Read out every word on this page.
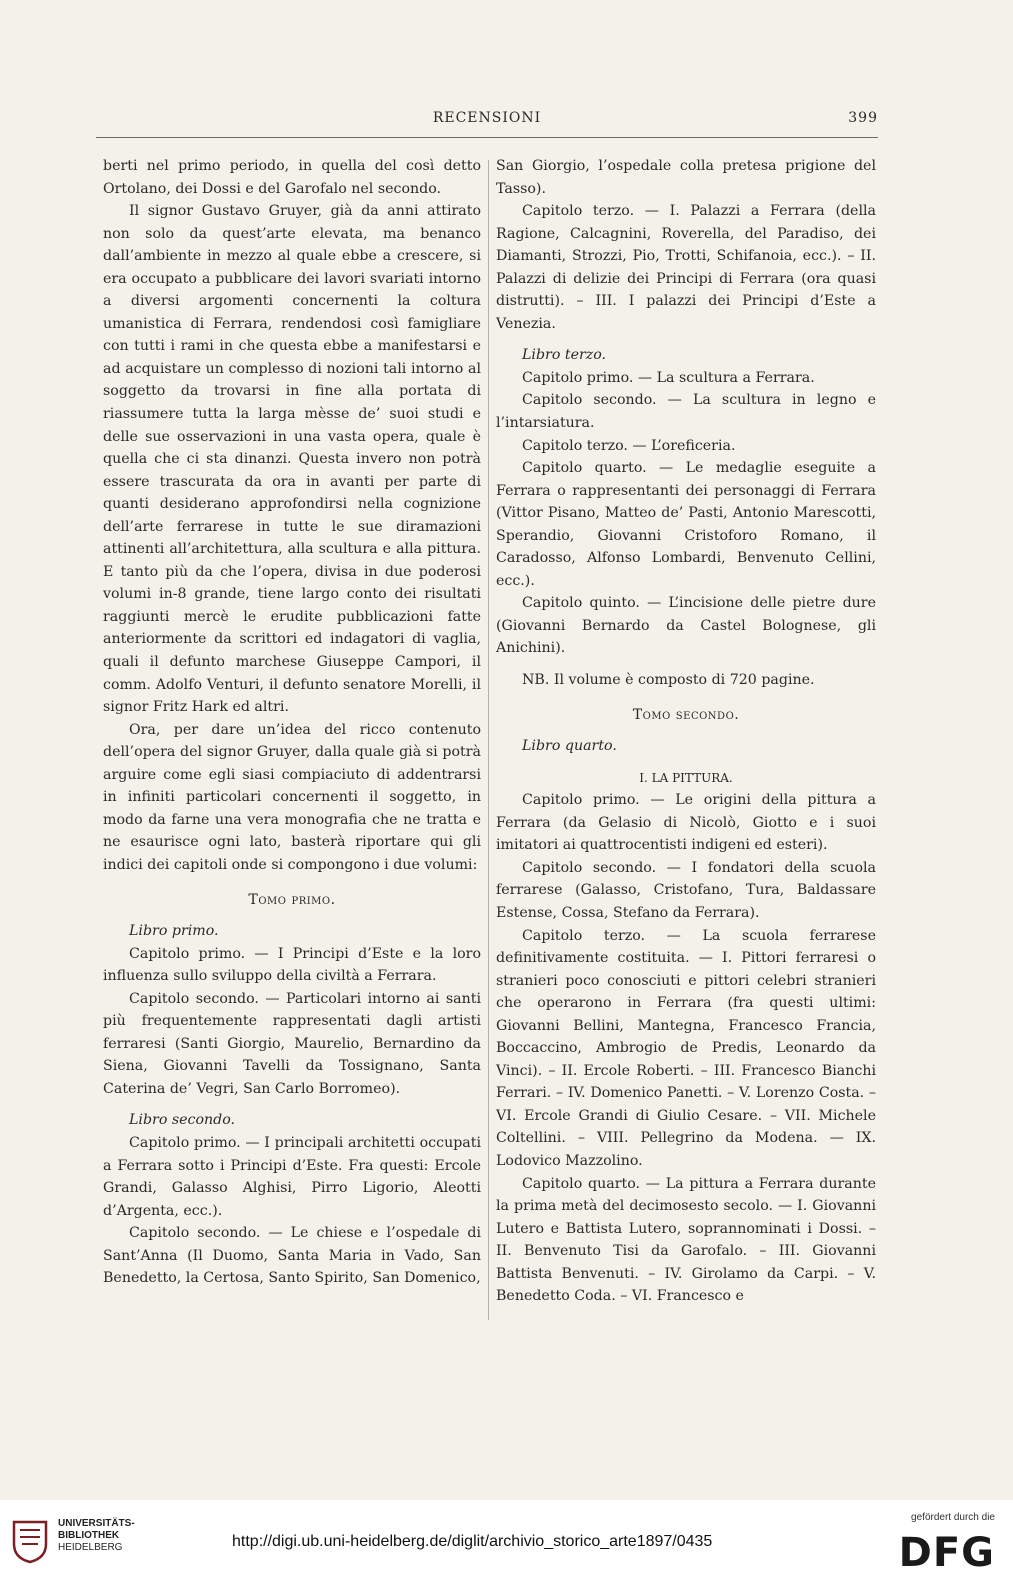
RECENSIONI	399

berti nel primo periodo, in quella del così detto Ortolano, dei Dossi e del Garofalo nel secondo.

Il signor Gustavo Gruyer, già da anni attirato non solo da quest’arte elevata, ma benanco dall’ambiente in mezzo al quale ebbe a crescere, si era occupato a pubblicare dei lavori svariati intorno a diversi argomenti concernenti la coltura umanistica di Ferrara, rendendosi così famigliare con tutti i rami in che questa ebbe a manifestarsi e ad acquistare un complesso di nozioni tali intorno al soggetto da trovarsi in fine alla portata di riassumere tutta la larga mèsse de’ suoi studi e delle sue osservazioni in una vasta opera, quale è quella che ci sta dinanzi. Questa invero non potrà essere trascurata da ora in avanti per parte di quanti desiderano approfondirsi nella cognizione dell’arte ferrarese in tutte le sue diramazioni attinenti all’architettura, alla scultura e alla pittura. E tanto più da che l’opera, divisa in due poderosi volumi in-8 grande, tiene largo conto dei risultati raggiunti mercè le erudite pubblicazioni fatte anteriormente da scrittori ed indagatori di vaglia, quali il defunto marchese Giuseppe Campori, il comm. Adolfo Venturi, il defunto senatore Morelli, il signor Fritz Hark ed altri.

Ora, per dare un’idea del ricco contenuto dell’opera del signor Gruyer, dalla quale già si potrà arguire come egli siasi compiaciuto di addentrarsi in infiniti particolari concernenti il soggetto, in modo da farne una vera monografia che ne tratta e ne esaurisce ogni lato, basterà riportare qui gli indici dei capitoli onde si compongono i due volumi:

Tomo primo.

Libro primo.

Capitolo primo. — I Principi d’Este e la loro influenza sullo sviluppo della civiltà a Ferrara.

Capitolo secondo. — Particolari intorno ai santi più frequentemente rappresentati dagli artisti ferraresi (Santi Giorgio, Maurelio, Bernardino da Siena, Giovanni Tavelli da Tossignano, Santa Caterina de’ Vegri, San Carlo Borromeo).

Libro secondo.

Capitolo primo. — I principali architetti occupati a Ferrara sotto i Principi d’Este. Fra questi: Ercole Grandi, Galasso Alghisi, Pirro Ligorio, Aleotti d’Argenta, ecc.).

Capitolo secondo. — Le chiese e l’ospedale di Sant’Anna (Il Duomo, Santa Maria in Vado, San Benedetto, la Certosa, Santo Spirito, San Domenico,

San Giorgio, l’ospedale colla pretesa prigione del Tasso).

Capitolo terzo. — I. Palazzi a Ferrara (della Ragione, Calcagnini, Roverella, del Paradiso, dei Diamanti, Strozzi, Pio, Trotti, Schifanoia, ecc.). – II. Palazzi di delizie dei Principi di Ferrara (ora quasi distrutti). – III. I palazzi dei Principi d’Este a Venezia.

Libro terzo.

Capitolo primo. — La scultura a Ferrara.

Capitolo secondo. — La scultura in legno e l’intarsiatura.

Capitolo terzo. — L’oreficeria.

Capitolo quarto. — Le medaglie eseguite a Ferrara o rappresentanti dei personaggi di Ferrara (Vittor Pisano, Matteo de’ Pasti, Antonio Marescotti, Sperandio, Giovanni Cristoforo Romano, il Caradosso, Alfonso Lombardi, Benvenuto Cellini, ecc.).

Capitolo quinto. — L’incisione delle pietre dure (Giovanni Bernardo da Castel Bolognese, gli Anichini).

NB. Il volume è composto di 720 pagine.

Tomo secondo.

Libro quarto.

I. LA PITTURA.

Capitolo primo. — Le origini della pittura a Ferrara (da Gelasio di Nicolò, Giotto e i suoi imitatori ai quattrocentisti indigeni ed esteri).

Capitolo secondo. — I fondatori della scuola ferrarese (Galasso, Cristofano, Tura, Baldassare Estense, Cossa, Stefano da Ferrara).

Capitolo terzo. — La scuola ferrarese definitivamente costituita. — I. Pittori ferraresi o stranieri poco conosciuti e pittori celebri stranieri che operarono in Ferrara (fra questi ultimi: Giovanni Bellini, Mantegna, Francesco Francia, Boccaccino, Ambrogio de Predis, Leonardo da Vinci). – II. Ercole Roberti. – III. Francesco Bianchi Ferrari. – IV. Domenico Panetti. – V. Lorenzo Costa. – VI. Ercole Grandi di Giulio Cesare. – VII. Michele Coltellini. – VIII. Pellegrino da Modena. — IX. Lodovico Mazzolino.

Capitolo quarto. — La pittura a Ferrara durante la prima metà del decimosesto secolo. — I. Giovanni Lutero e Battista Lutero, soprannominati i Dossi. – II. Benvenuto Tisi da Garofalo. – III. Giovanni Battista Benvenuti. – IV. Girolamo da Carpi. – V. Benedetto Coda. – VI. Francesco e

UNIVERSITÄTS-
BIBLIOTHEK
HEIDELBERG	http://digi.ub.uni-heidelberg.de/diglit/archivio_storico_arte1897/0435
gefördert durch die
DFG
